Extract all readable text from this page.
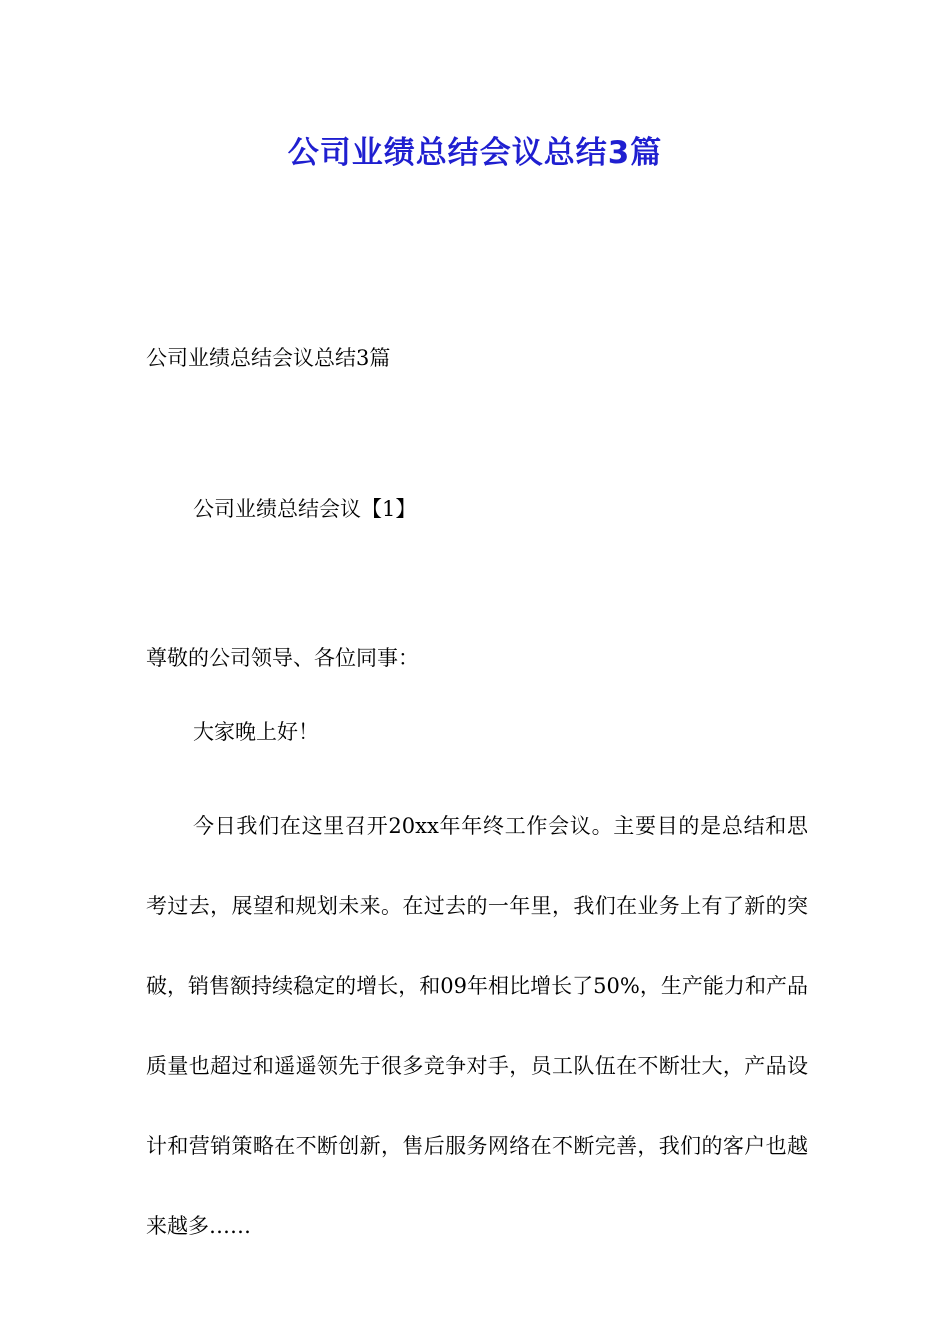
公司业绩总结会议总结3篇

公司业绩总结会议总结3篇

公司业绩总结会议【1】

尊敬的公司领导、各位同事：

大家晚上好！

今日我们在这里召开20xx年年终工作会议。主要目的是总结和思考过去，展望和规划未来。在过去的一年里，我们在业务上有了新的突破，销售额持续稳定的增长，和09年相比增长了50%，生产能力和产品质量也超过和遥遥领先于很多竞争对手，员工队伍在不断壮大，产品设计和营销策略在不断创新，售后服务网络在不断完善，我们的客户也越来越多……
